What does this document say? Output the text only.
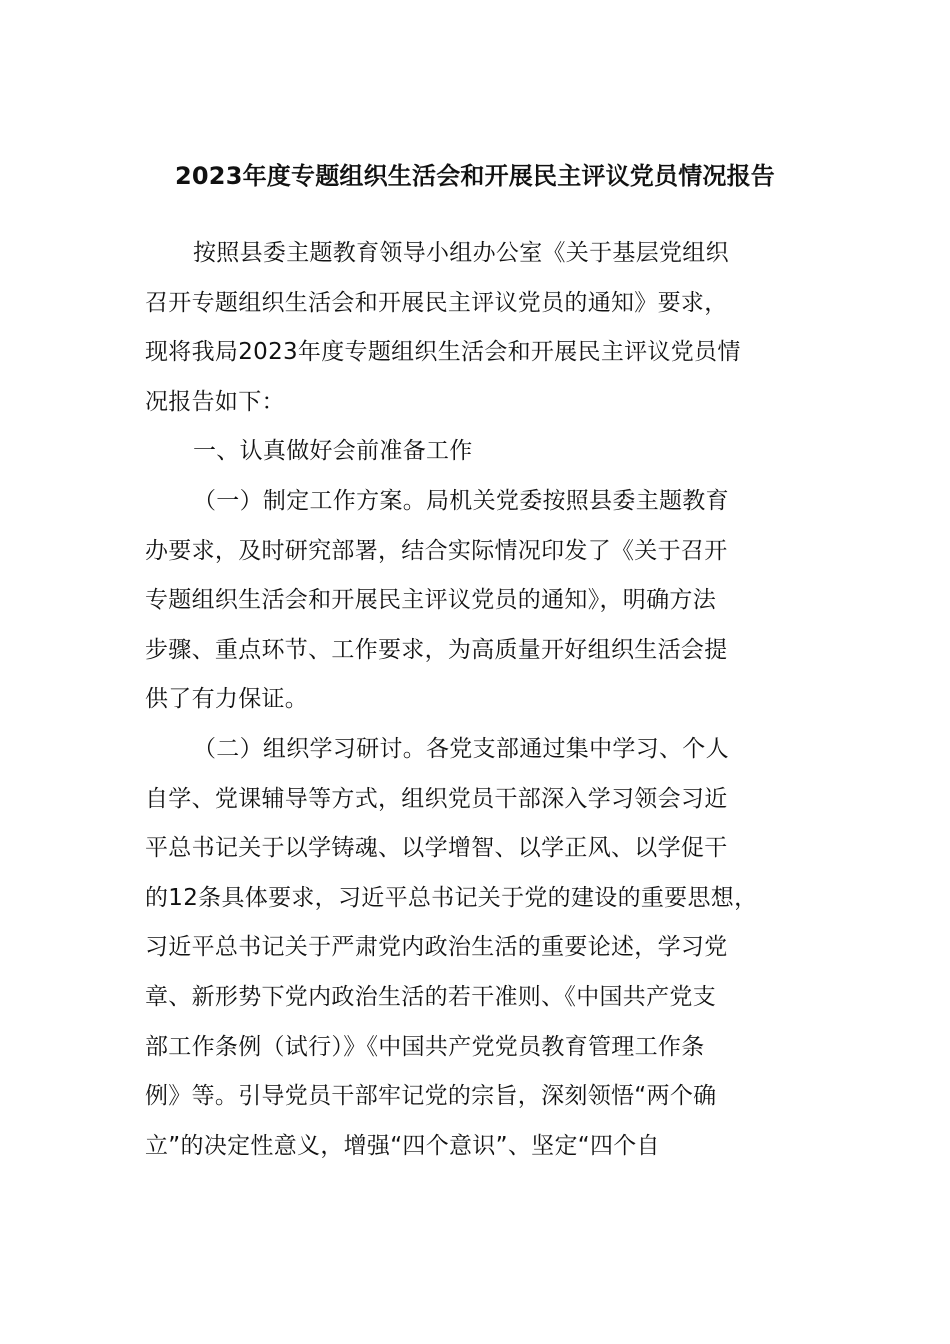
2023年度专题组织生活会和开展民主评议党员情况报告
按照县委主题教育领导小组办公室《关于基层党组织
召开专题组织生活会和开展民主评议党员的通知》要求，
现将我局2023年度专题组织生活会和开展民主评议党员情
况报告如下：
一、认真做好会前准备工作
（一）制定工作方案。局机关党委按照县委主题教育
办要求，及时研究部署，结合实际情况印发了《关于召开
专题组织生活会和开展民主评议党员的通知》，明确方法
步骤、重点环节、工作要求，为高质量开好组织生活会提
供了有力保证。
（二）组织学习研讨。各党支部通过集中学习、个人
自学、党课辅导等方式，组织党员干部深入学习领会习近
平总书记关于以学铸魂、以学增智、以学正风、以学促干
的12条具体要求，习近平总书记关于党的建设的重要思想，
习近平总书记关于严肃党内政治生活的重要论述，学习党
章、新形势下党内政治生活的若干准则、《中国共产党支
部工作条例（试行）》《中国共产党党员教育管理工作条
例》等。引导党员干部牢记党的宗旨，深刻领悟“两个确
立”的决定性意义，增强“四个意识”、坚定“四个自
